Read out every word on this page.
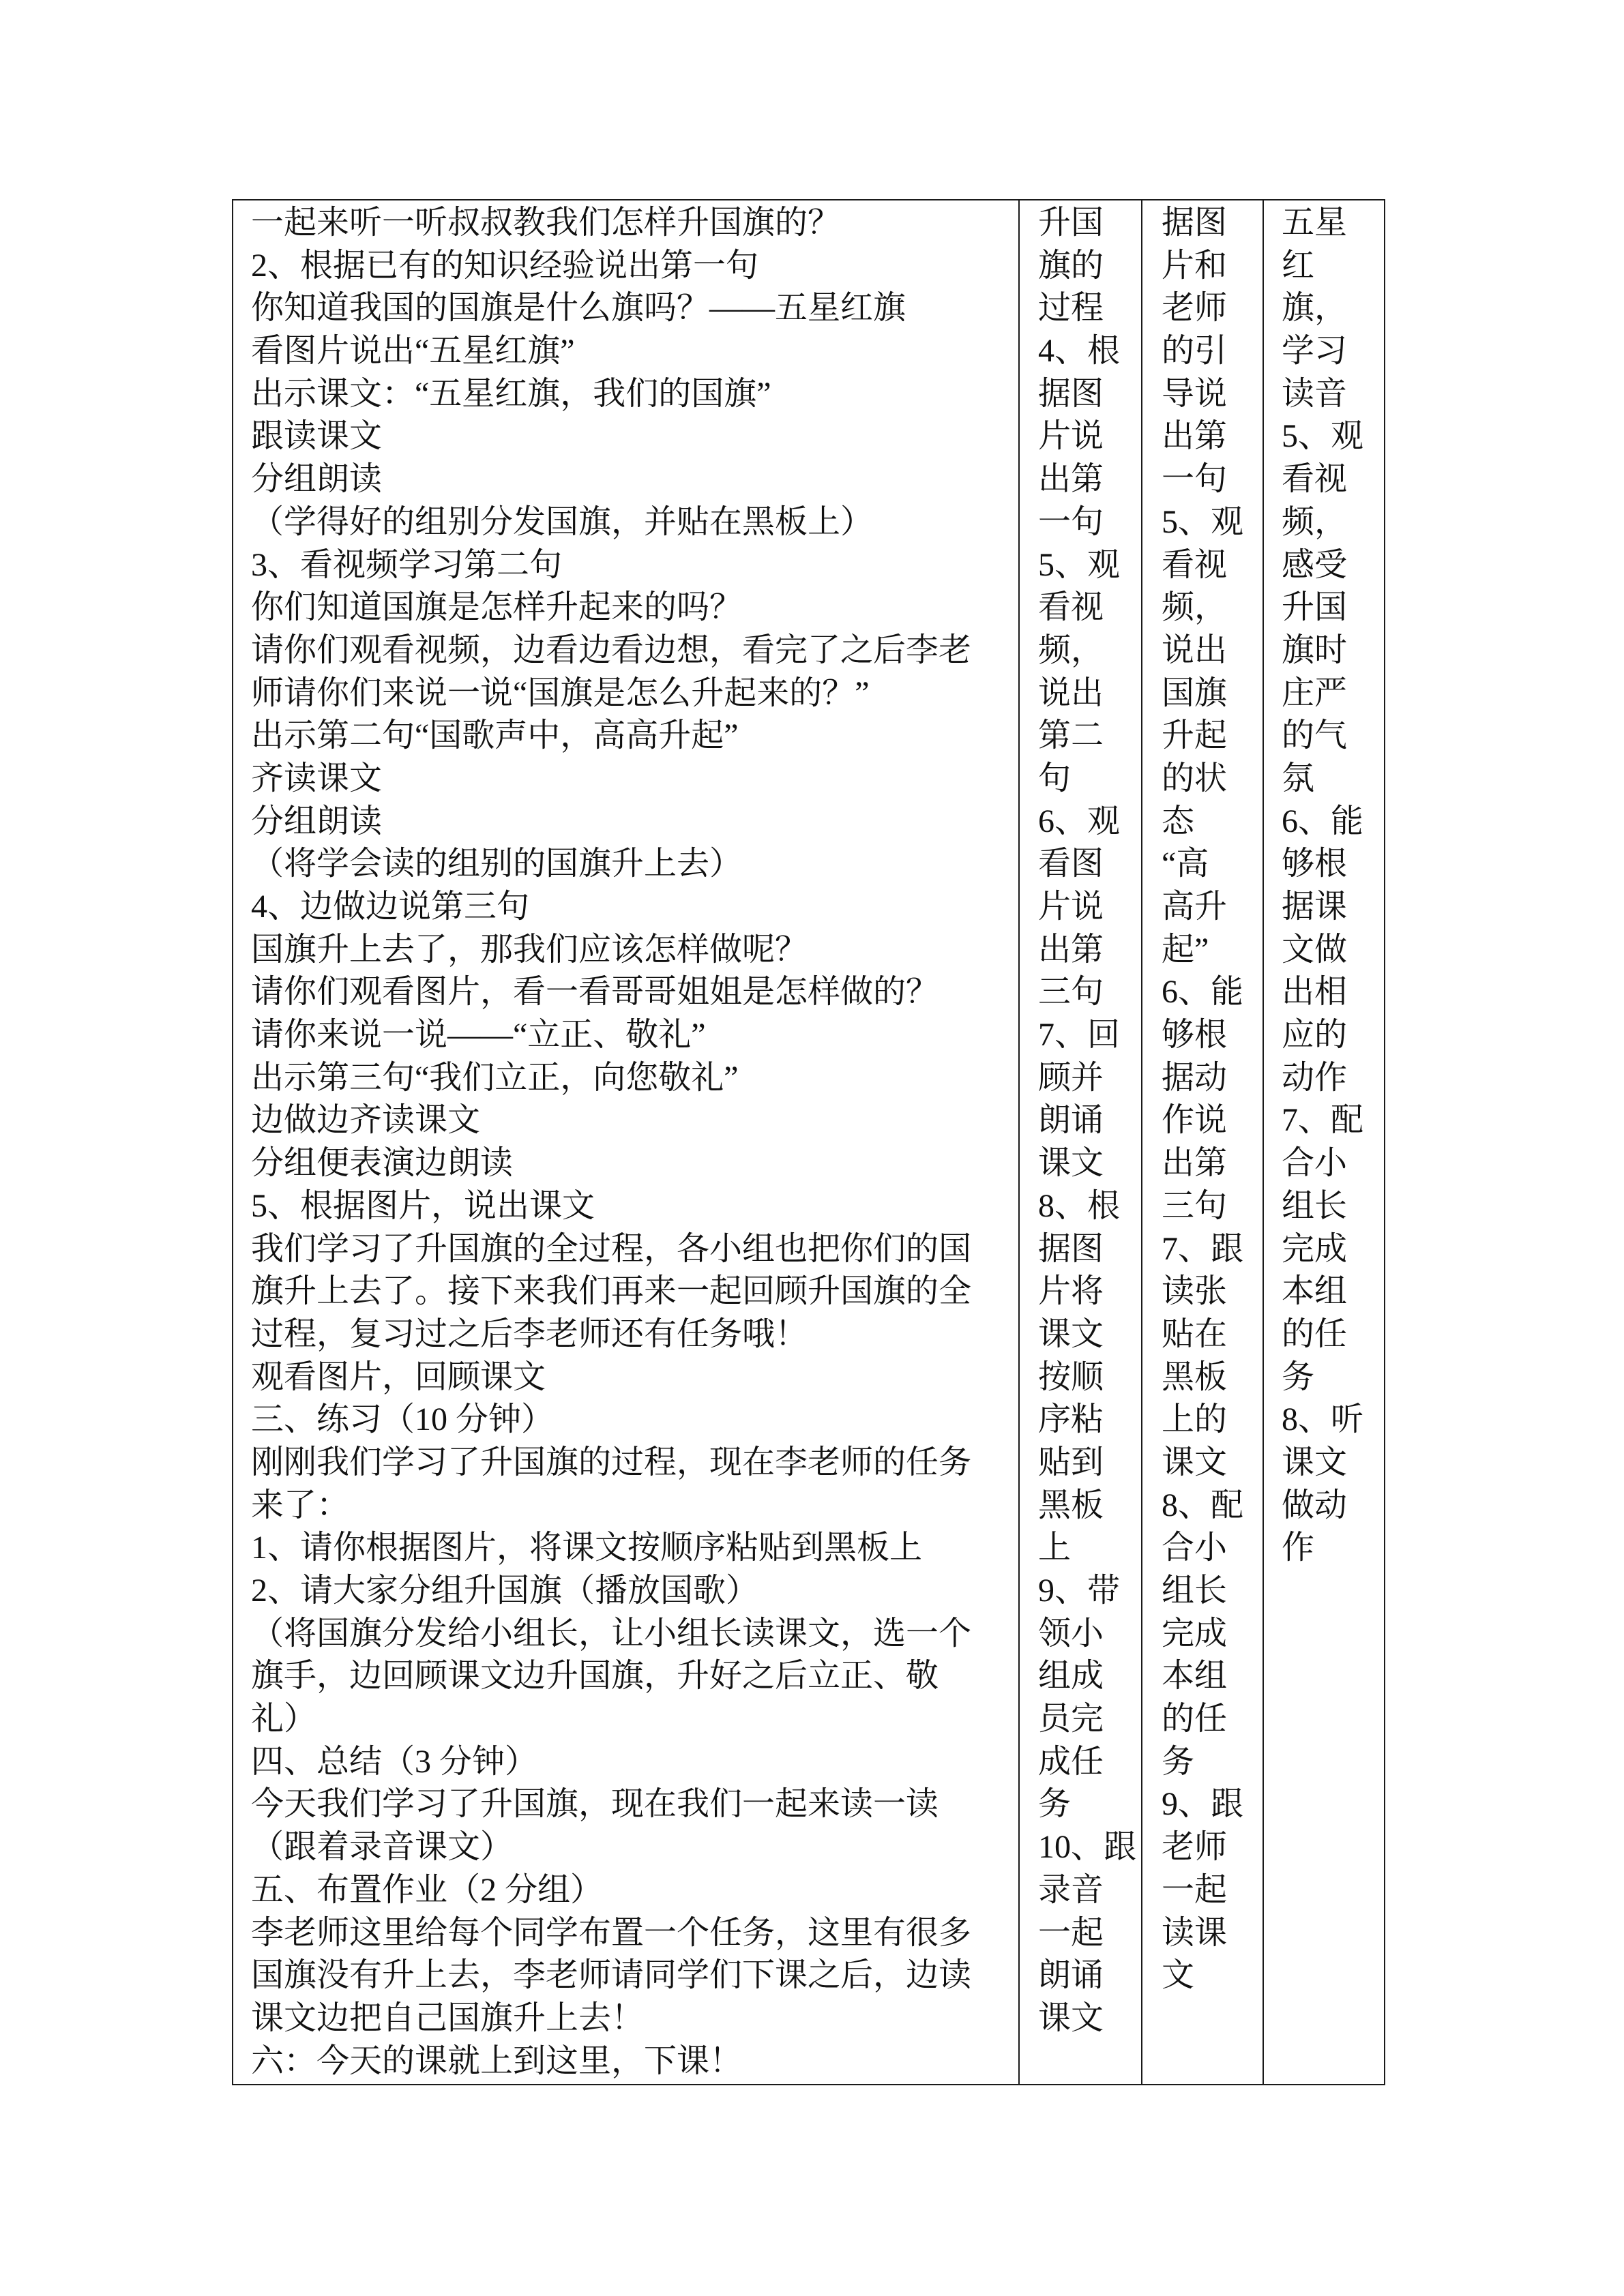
一起来听一听叔叔教我们怎样升国旗的？
2、根据已有的知识经验说出第一句
你知道我国的国旗是什么旗吗？——五星红旗
看图片说出“五星红旗”
出示课文：“五星红旗，我们的国旗”
跟读课文
分组朗读
（学得好的组别分发国旗，并贴在黑板上）
3、看视频学习第二句
你们知道国旗是怎样升起来的吗？
请你们观看视频，边看边看边想，看完了之后李老
师请你们来说一说“国旗是怎么升起来的？”
出示第二句“国歌声中，高高升起”
齐读课文
分组朗读
（将学会读的组别的国旗升上去）
4、边做边说第三句
国旗升上去了，那我们应该怎样做呢？
请你们观看图片，看一看哥哥姐姐是怎样做的？
请你来说一说——“立正、敬礼”
出示第三句“我们立正，向您敬礼”
边做边齐读课文
分组便表演边朗读
5、根据图片，说出课文
我们学习了升国旗的全过程，各小组也把你们的国
旗升上去了。接下来我们再来一起回顾升国旗的全
过程，复习过之后李老师还有任务哦！
观看图片，回顾课文
三、练习（10 分钟）
刚刚我们学习了升国旗的过程，现在李老师的任务
来了：
1、请你根据图片，将课文按顺序粘贴到黑板上
2、请大家分组升国旗（播放国歌）
（将国旗分发给小组长，让小组长读课文，选一个
旗手，边回顾课文边升国旗，升好之后立正、敬
礼）
四、总结（3 分钟）
今天我们学习了升国旗，现在我们一起来读一读
（跟着录音课文）
五、布置作业（2 分组）
李老师这里给每个同学布置一个任务，这里有很多
国旗没有升上去，李老师请同学们下课之后，边读
课文边把自己国旗升上去！
六：今天的课就上到这里，下课！
升国
旗的
过程
4、根
据图
片说
出第
一句
5、观
看视
频，
说出
第二
句
6、观
看图
片说
出第
三句
7、回
顾并
朗诵
课文
8、根
据图
片将
课文
按顺
序粘
贴到
黑板
上
9、带
领小
组成
员完
成任
务
10、跟
录音
一起
朗诵
课文
据图
片和
老师
的引
导说
出第
一句
5、观
看视
频，
说出
国旗
升起
的状
态
“高
高升
起”
6、能
够根
据动
作说
出第
三句
7、跟
读张
贴在
黑板
上的
课文
8、配
合小
组长
完成
本组
的任
务
9、跟
老师
一起
读课
文
五星
红
旗，
学习
读音
5、观
看视
频，
感受
升国
旗时
庄严
的气
氛
6、能
够根
据课
文做
出相
应的
动作
7、配
合小
组长
完成
本组
的任
务
8、听
课文
做动
作
